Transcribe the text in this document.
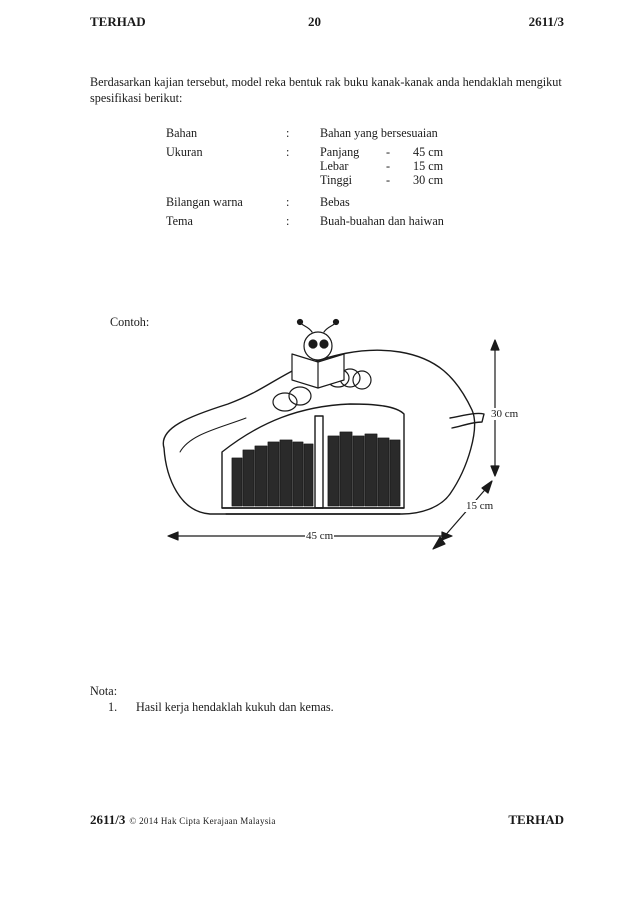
TERHAD	20	2611/3
Berdasarkan kajian tersebut, model reka bentuk rak buku kanak-kanak anda hendaklah mengikut spesifikasi berikut:
Bahan	:	Bahan yang bersesuaian
Ukuran	:	Panjang - 45 cm
Lebar	- 15 cm
Tinggi	- 30 cm
Bilangan warna	:	Bebas
Tema	:	Buah-buahan dan haiwan
Contoh:
30 cm
15 cm
45 cm
Nota:
1. Hasil kerja hendaklah kukuh dan kemas.
2611/3 © 2014 Hak Cipta Kerajaan Malaysia	TERHAD
